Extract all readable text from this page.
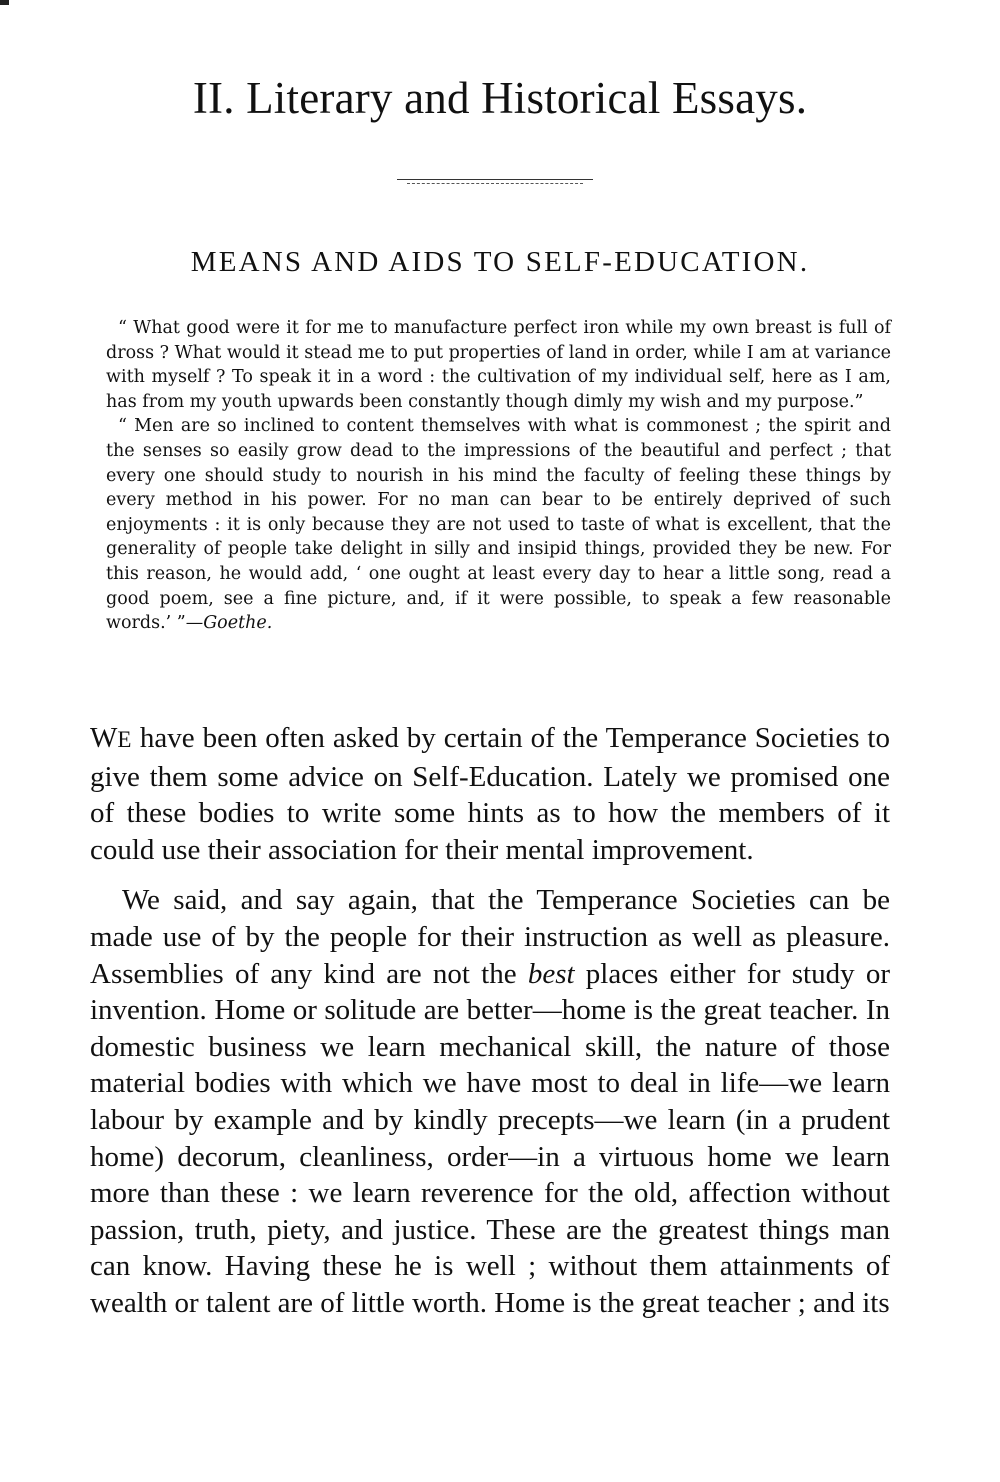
II. Literary and Historical Essays.
MEANS AND AIDS TO SELF-EDUCATION.

“ What good were it for me to manufacture perfect iron while my own breast is full of dross ? What would it stead me to put properties of land in order, while I am at variance with myself ? To speak it in a word : the cultivation of my individual self, here as I am, has from my youth upwards been constantly though dimly my wish and my purpose.”

“ Men are so inclined to content themselves with what is commonest ; the spirit and the senses so easily grow dead to the impressions of the beautiful and perfect ; that every one should study to nourish in his mind the faculty of feeling these things by every method in his power. For no man can bear to be entirely deprived of such enjoyments : it is only because they are not used to taste of what is excellent, that the generality of people take delight in silly and insipid things, provided they be new. For this reason, he would add, ‘ one ought at least every day to hear a little song, read a good poem, see a fine picture, and, if it were possible, to speak a few reasonable words.’ ”—Goethe.

WE have been often asked by certain of the Temperance Societies to give them some advice on Self-Education. Lately we promised one of these bodies to write some hints as to how the members of it could use their association for their mental improvement.

We said, and say again, that the Temperance Societies can be made use of by the people for their instruction as well as pleasure. Assemblies of any kind are not the best places either for study or invention. Home or solitude are better—home is the great teacher. In domestic business we learn mechanical skill, the nature of those material bodies with which we have most to deal in life—we learn labour by example and by kindly precepts—we learn (in a prudent home) decorum, cleanliness, order—in a virtuous home we learn more than these : we learn reverence for the old, affection without passion, truth, piety, and justice. These are the greatest things man can know. Having these he is well ; without them attainments of wealth or talent are of little worth. Home is the great teacher ; and its
